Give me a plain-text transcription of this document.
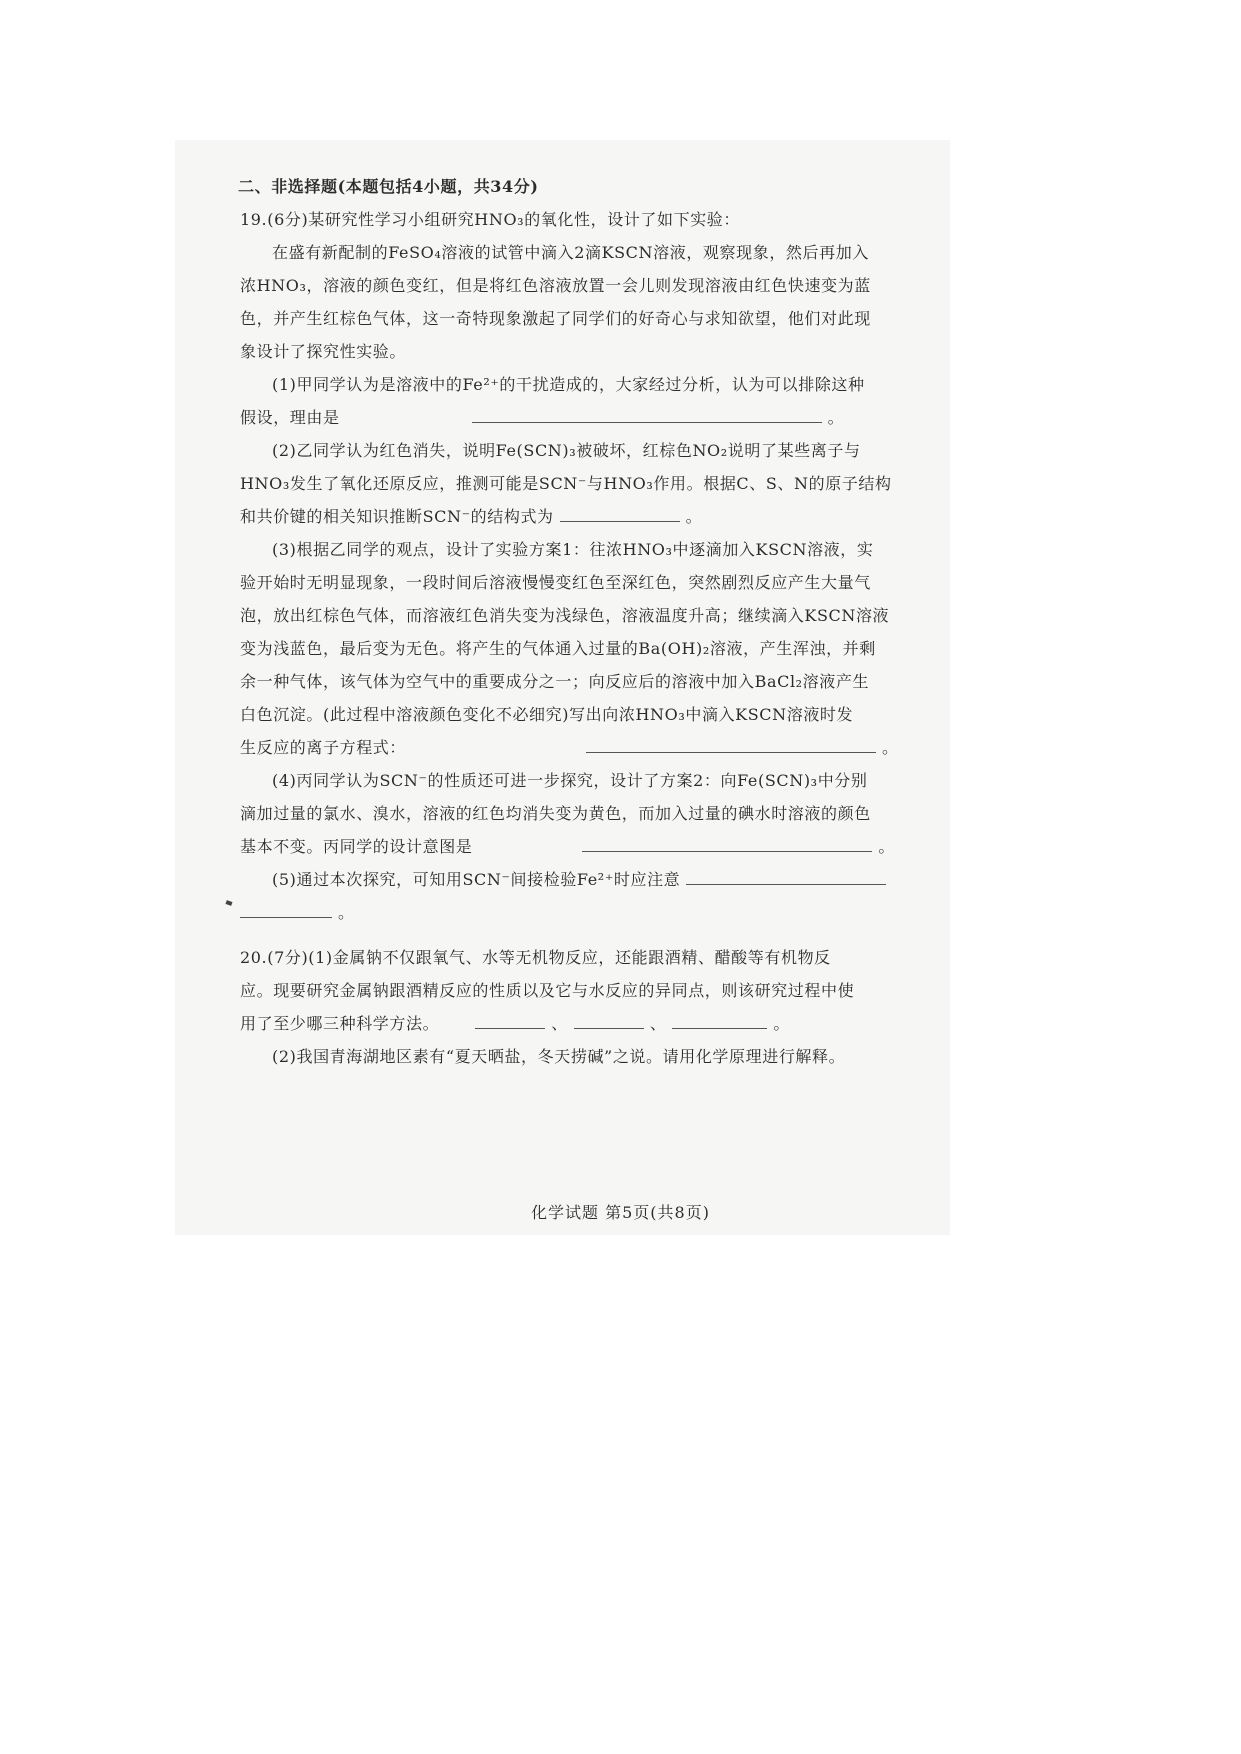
二、非选择题(本题包括4小题，共34分)
19.(6分)某研究性学习小组研究HNO₃的氧化性，设计了如下实验：
在盛有新配制的FeSO₄溶液的试管中滴入2滴KSCN溶液，观察现象，然后再加入
浓HNO₃，溶液的颜色变红，但是将红色溶液放置一会儿则发现溶液由红色快速变为蓝
色，并产生红棕色气体，这一奇特现象激起了同学们的好奇心与求知欲望，他们对此现
象设计了探究性实验。
(1)甲同学认为是溶液中的Fe²⁺的干扰造成的，大家经过分析，认为可以排除这种
假设，理由是	。
(2)乙同学认为红色消失，说明Fe(SCN)₃被破坏，红棕色NO₂说明了某些离子与
HNO₃发生了氧化还原反应，推测可能是SCN⁻与HNO₃作用。根据C、S、N的原子结构
和共价键的相关知识推断SCN⁻的结构式为	。
(3)根据乙同学的观点，设计了实验方案1：往浓HNO₃中逐滴加入KSCN溶液，实
验开始时无明显现象，一段时间后溶液慢慢变红色至深红色，突然剧烈反应产生大量气
泡，放出红棕色气体，而溶液红色消失变为浅绿色，溶液温度升高；继续滴入KSCN溶液
变为浅蓝色，最后变为无色。将产生的气体通入过量的Ba(OH)₂溶液，产生浑浊，并剩
余一种气体，该气体为空气中的重要成分之一；向反应后的溶液中加入BaCl₂溶液产生
白色沉淀。(此过程中溶液颜色变化不必细究)写出向浓HNO₃中滴入KSCN溶液时发
生反应的离子方程式：	。
(4)丙同学认为SCN⁻的性质还可进一步探究，设计了方案2：向Fe(SCN)₃中分别
滴加过量的氯水、溴水，溶液的红色均消失变为黄色，而加入过量的碘水时溶液的颜色
基本不变。丙同学的设计意图是	。
(5)通过本次探究，可知用SCN⁻间接检验Fe²⁺时应注意
。
20.(7分)(1)金属钠不仅跟氧气、水等无机物反应，还能跟酒精、醋酸等有机物反
应。现要研究金属钠跟酒精反应的性质以及它与水反应的异同点，则该研究过程中使
用了至少哪三种科学方法。	、	、	。
(2)我国青海湖地区素有“夏天晒盐，冬天捞碱”之说。请用化学原理进行解释。
化学试题 第5页(共8页)
